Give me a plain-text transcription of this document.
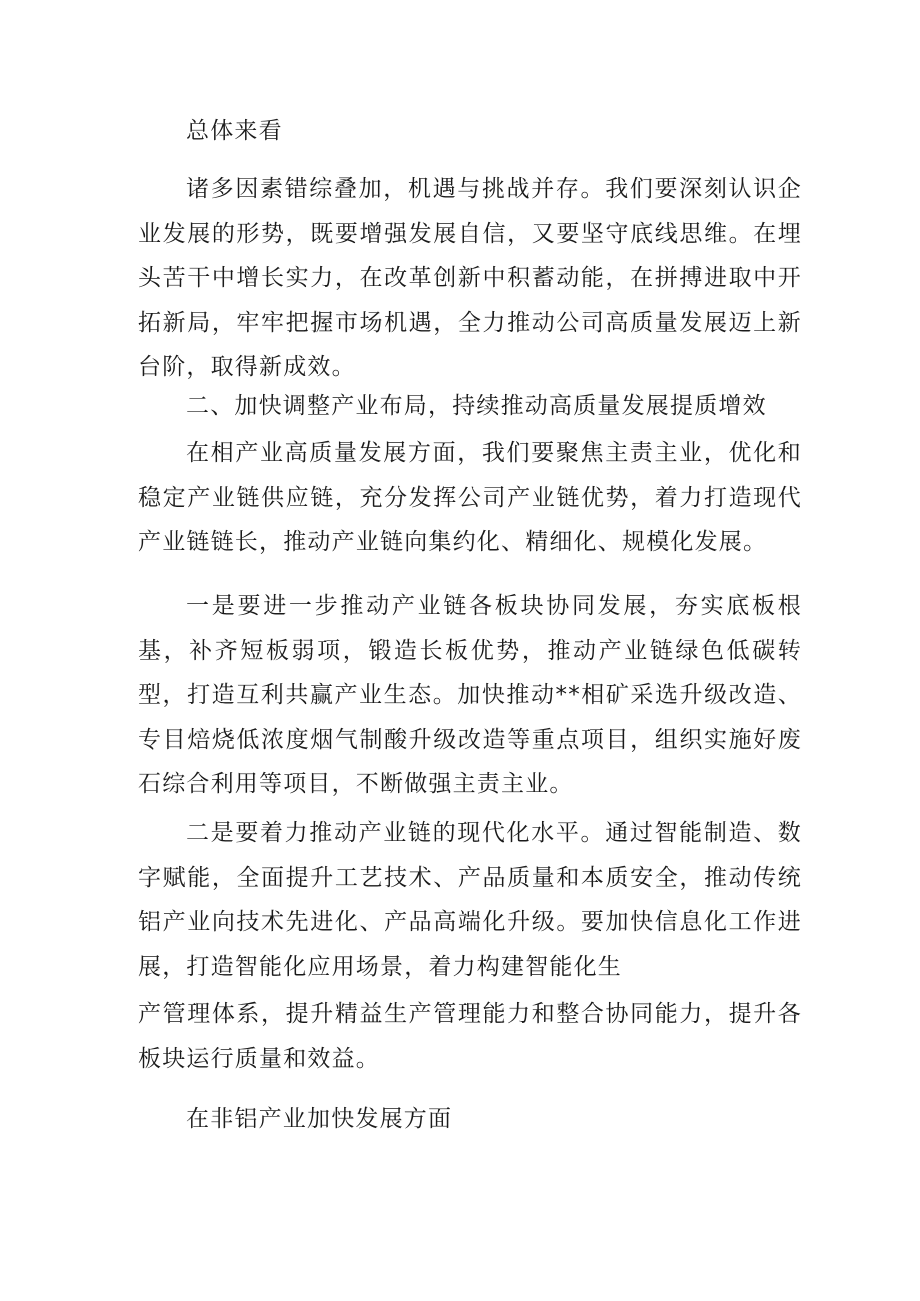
总体来看

诸多因素错综叠加，机遇与挑战并存。我们要深刻认识企业发展的形势，既要增强发展自信，又要坚守底线思维。在埋头苦干中增长实力，在改革创新中积蓄动能，在拼搏进取中开拓新局，牢牢把握市场机遇，全力推动公司高质量发展迈上新台阶，取得新成效。

二、加快调整产业布局，持续推动高质量发展提质增效

在相产业高质量发展方面，我们要聚焦主责主业，优化和稳定产业链供应链，充分发挥公司产业链优势，着力打造现代产业链链长，推动产业链向集约化、精细化、规模化发展。

一是要进一步推动产业链各板块协同发展，夯实底板根基，补齐短板弱项，锻造长板优势，推动产业链绿色低碳转型，打造互利共赢产业生态。加快推动**相矿采选升级改造、专目焙烧低浓度烟气制酸升级改造等重点项目，组织实施好废石综合利用等项目，不断做强主责主业。

二是要着力推动产业链的现代化水平。通过智能制造、数字赋能，全面提升工艺技术、产品质量和本质安全，推动传统铝产业向技术先进化、产品高端化升级。要加快信息化工作进展，打造智能化应用场景，着力构建智能化生

产管理体系，提升精益生产管理能力和整合协同能力，提升各板块运行质量和效益。

在非铝产业加快发展方面
